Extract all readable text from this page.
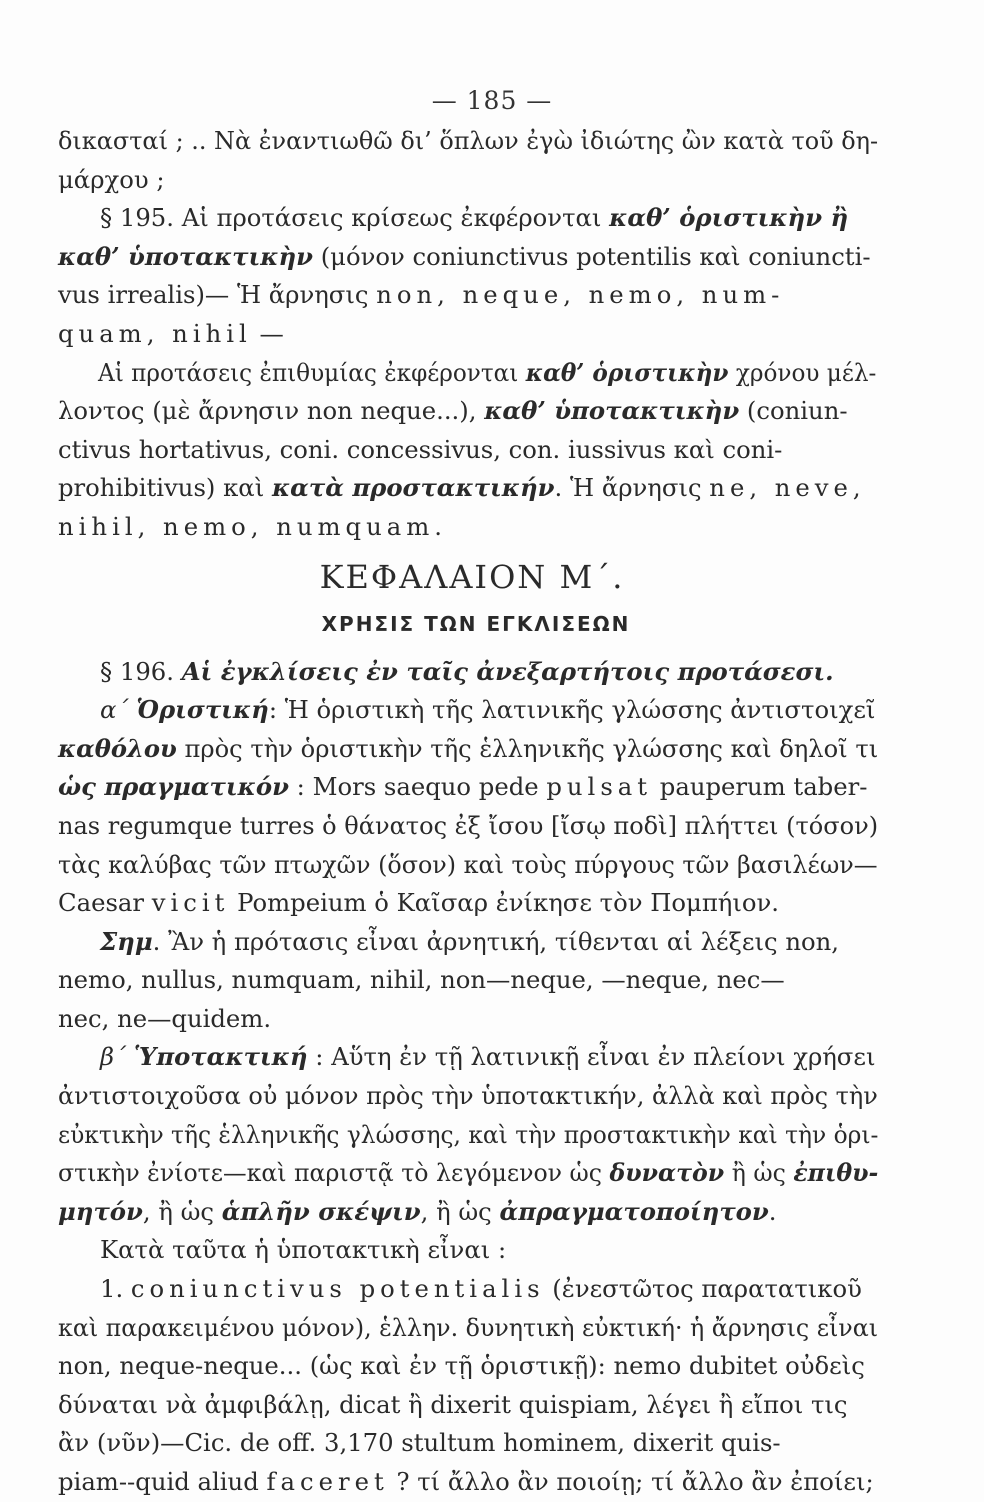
— 185 —
δικασταί ; .. Νὰ ἐναντιωθῶ δι’ ὅπλων ἐγὼ ἰδιώτης ὢν κατὰ τοῦ δη-
μάρχου ;
§ 195. Αἱ προτάσεις κρίσεως ἐκφέρονται καθ’ ὁριστικὴν ἢ
καθ’ ὑποτακτικὴν (μόνον coniunctivus potentilis καὶ coniuncti-
vus irrealis)— Ἡ ἄρνησις non, neque, nemo, num-
quam, nihil —
Αἱ προτάσεις ἐπιθυμίας ἐκφέρονται καθ’ ὁριστικὴν χρόνου μέλ-
λοντος (μὲ ἄρνησιν non neque...), καθ’ ὑποτακτικὴν (coniun-
ctivus hortativus, coni. concessivus, con. iussivus καὶ coni-
prohibitivus) καὶ κατὰ προστακτικήν. Ἡ ἄρνησις ne, neve,
nihil, nemo, numquam.
ΚΕΦΑΛΑΙΟΝ Μ΄.
ΧΡΗΣΙΣ ΤΩΝ ΕΓΚΛΙΣΕΩΝ
§ 196. Αἱ ἐγκλίσεις ἐν ταῖς ἀνεξαρτήτοις προτάσεσι.
α΄ Ὁριστική: Ἡ ὁριστικὴ τῆς λατινικῆς γλώσσης ἀντιστοιχεῖ
καθόλου πρὸς τὴν ὁριστικὴν τῆς ἑλληνικῆς γλώσσης καὶ δηλοῖ τι
ὡς πραγματικόν : Mors saequo pede pulsat pauperum taber-
nas regumque turres ὁ θάνατος ἐξ ἴσου [ἴσῳ ποδὶ] πλήττει (τόσον)
τὰς καλύβας τῶν πτωχῶν (ὅσον) καὶ τοὺς πύργους τῶν βασιλέων—
Caesar vicit Pompeium ὁ Καῖσαρ ἐνίκησε τὸν Πομπήιον.
Σημ. Ἂν ἡ πρότασις εἶναι ἀρνητική, τίθενται αἱ λέξεις non,
nemo, nullus, numquam, nihil, non—neque, —neque, nec—
nec, ne—quidem.
β΄ Ὑποτακτική : Αὕτη ἐν τῇ λατινικῇ εἶναι ἐν πλείονι χρήσει
ἀντιστοιχοῦσα οὐ μόνον πρὸς τὴν ὑποτακτικήν, ἀλλὰ καὶ πρὸς τὴν
εὐκτικὴν τῆς ἑλληνικῆς γλώσσης, καὶ τὴν προστακτικὴν καὶ τὴν ὁρι-
στικὴν ἐνίοτε—καὶ παριστᾷ τὸ λεγόμενον ὡς δυνατὸν ἢ ὡς ἐπιθυ-
μητόν, ἢ ὡς ἁπλῆν σκέψιν, ἢ ὡς ἀπραγματοποίητον.
Κατὰ ταῦτα ἡ ὑποτακτικὴ εἶναι :
1. coniunctivus potentialis (ἐνεστῶτος παρατατικοῦ
καὶ παρακειμένου μόνον), ἑλλην. δυνητικὴ εὐκτική· ἡ ἄρνησις εἶναι
non, neque-neque... (ὡς καὶ ἐν τῇ ὁριστικῇ): nemo dubitet οὐδεὶς
δύναται νὰ ἀμφιβάλῃ, dicat ἢ dixerit quispiam, λέγει ἢ εἴποι τις
ἂν (νῦν)—Cic. de off. 3,170 stultum hominem, dixerit quis-
piam--quid aliud faceret ? τί ἄλλο ἂν ποιοίῃ; τί ἄλλο ἂν ἐποίει;
